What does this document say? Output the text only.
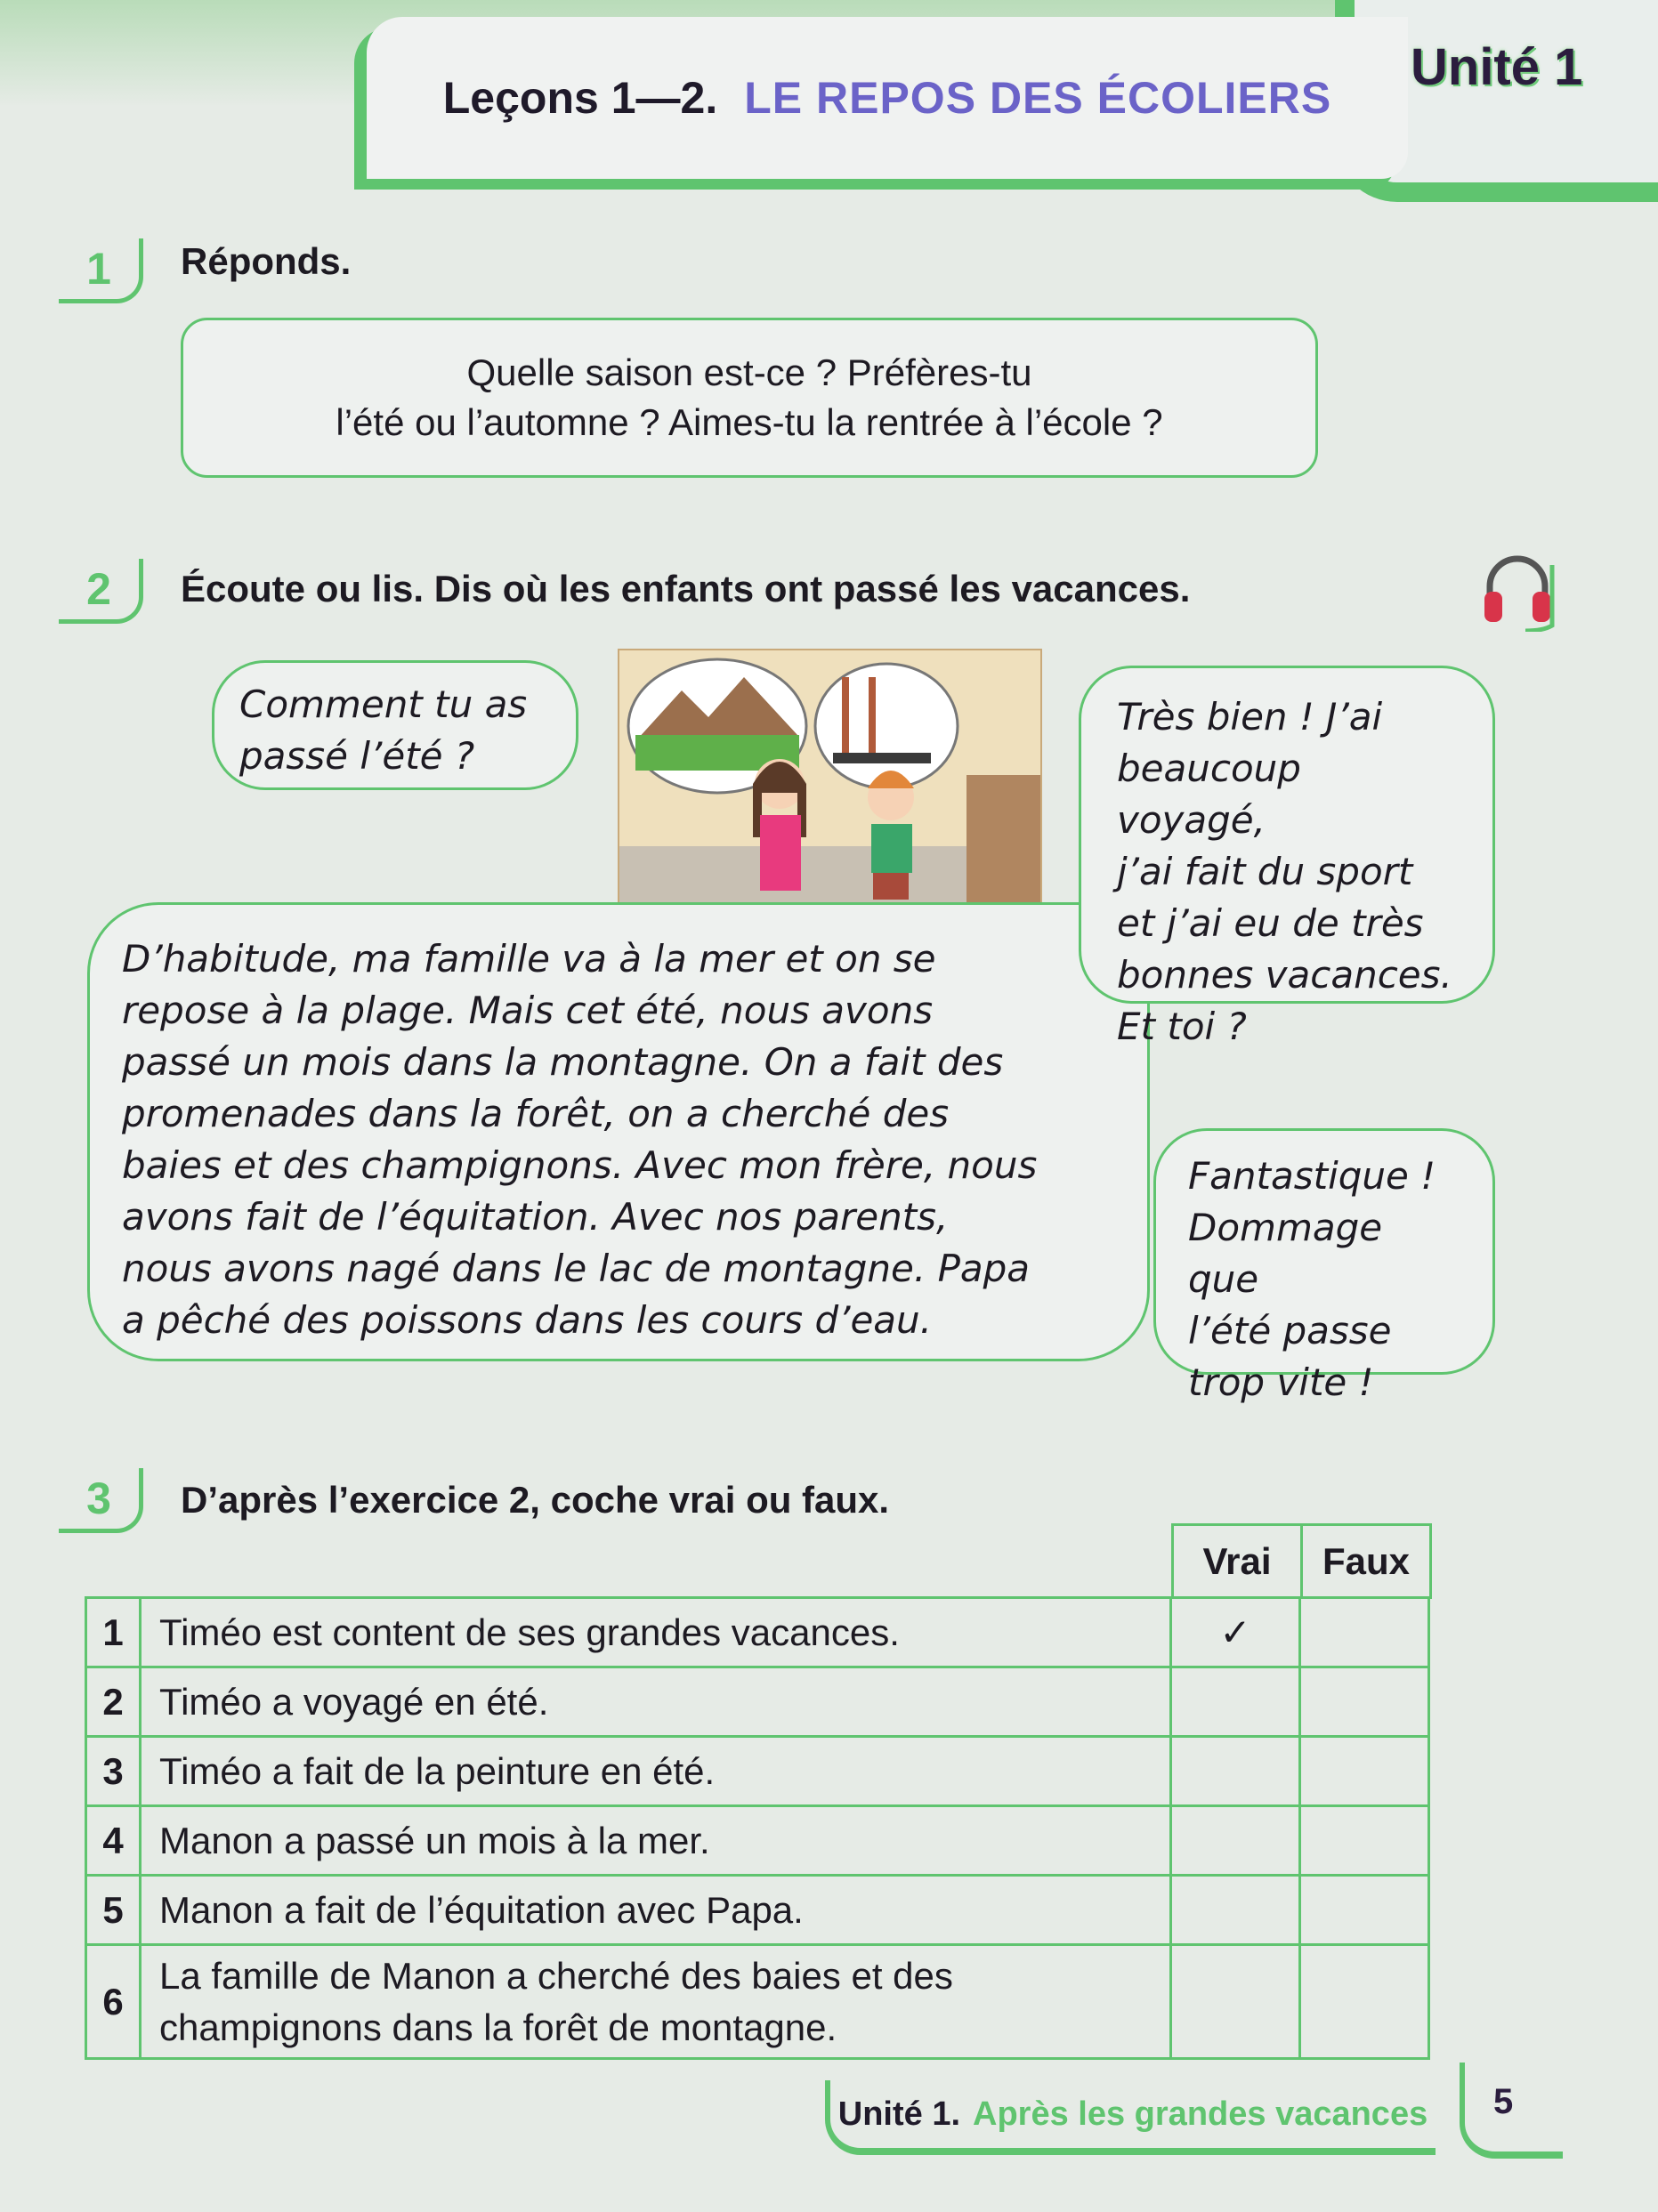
Unité 1
Leçons 1—2. LE REPOS DES ÉCOLIERS
1	Réponds.
Quelle saison est-ce ? Préfères-tu
l’été ou l’automne ? Aimes-tu la rentrée à l’école ?
2	Écoute ou lis. Dis où les enfants ont passé les vacances.
Comment tu as
passé l’été ?
D’habitude, ma famille va à la mer et on se
repose à la plage. Mais cet été, nous avons
passé un mois dans la montagne. On a fait des
promenades dans la forêt, on a cherché des
baies et des champignons. Avec mon frère, nous
avons fait de l’équitation. Avec nos parents,
nous avons nagé dans le lac de montagne. Papa
a pêché des poissons dans les cours d’eau.
Très bien ! J’ai
beaucoup voyagé,
j’ai fait du sport
et j’ai eu de très
bonnes vacances.
Et toi ?
Fantastique !
Dommage que
l’été passe
trop vite !
3	D’après l’exercice 2, coche vrai ou faux.
Vrai	Faux
1	Timéo est content de ses grandes vacances.	✓	
2	Timéo a voyagé en été.		
3	Timéo a fait de la peinture en été.		
4	Manon a passé un mois à la mer.		
5	Manon a fait de l’équitation avec Papa.		
6	La famille de Manon a cherché des baies et des champignons dans la forêt de montagne.		
Unité 1. Après les grandes vacances 5
